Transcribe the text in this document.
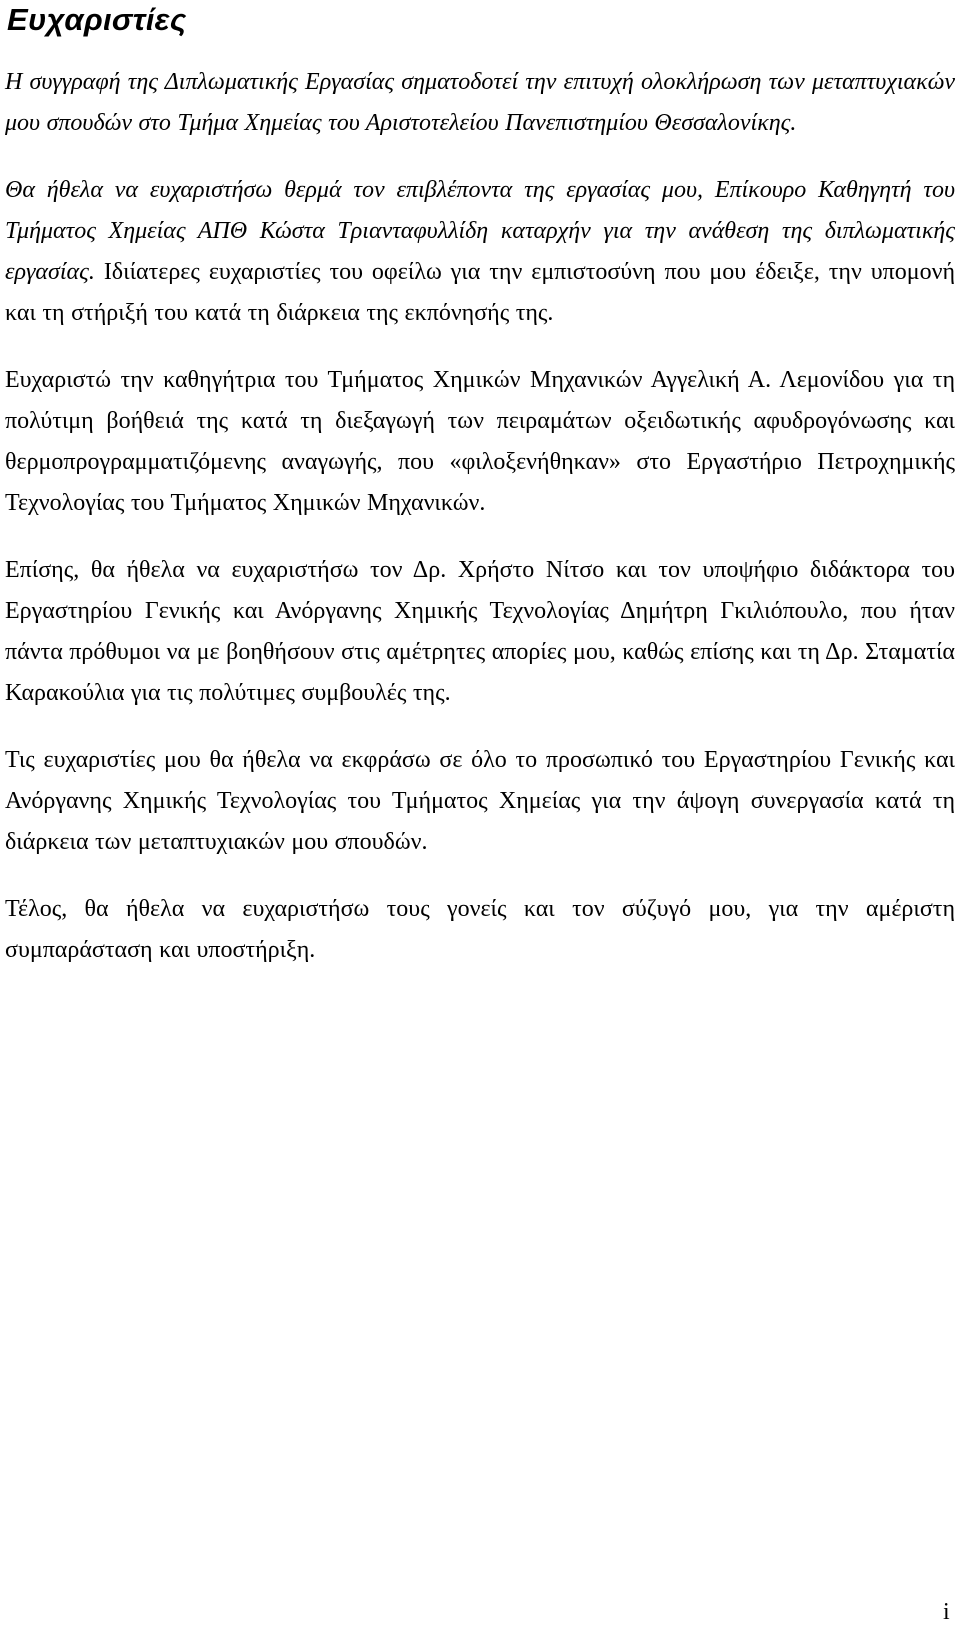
Ευχαριστίες

Η συγγραφή της Διπλωματικής Εργασίας σηματοδοτεί την επιτυχή ολοκλήρωση των μεταπτυχιακών μου σπουδών στο Τμήμα Χημείας του Αριστοτελείου Πανεπιστημίου Θεσσαλονίκης.

Θα ήθελα να ευχαριστήσω θερμά τον επιβλέποντα της εργασίας μου, Επίκουρο Καθηγητή του Τμήματος Χημείας ΑΠΘ Κώστα Τριανταφυλλίδη καταρχήν για την ανάθεση της διπλωματικής εργασίας. Ιδιίατερες ευχαριστίες του οφείλω για την εμπιστοσύνη που μου έδειξε, την υπομονή και τη στήριξή του κατά τη διάρκεια της εκπόνησής της.

Ευχαριστώ την καθηγήτρια του Τμήματος Χημικών Μηχανικών Αγγελική Α. Λεμονίδου για τη πολύτιμη βοήθειά της κατά τη διεξαγωγή των πειραμάτων οξειδωτικής αφυδρογόνωσης και θερμοπρογραμματιζόμενης αναγωγής, που «φιλοξενήθηκαν» στο Εργαστήριο Πετροχημικής Τεχνολογίας του Τμήματος Χημικών Μηχανικών.

Επίσης, θα ήθελα να ευχαριστήσω τον Δρ. Χρήστο Νίτσο και τον υποψήφιο διδάκτορα του Εργαστηρίου Γενικής και Ανόργανης Χημικής Τεχνολογίας Δημήτρη Γκιλιόπουλο, που ήταν πάντα πρόθυμοι να με βοηθήσουν στις αμέτρητες απορίες μου, καθώς επίσης και τη Δρ. Σταματία Καρακούλια για τις πολύτιμες συμβουλές της.

Τις ευχαριστίες μου θα ήθελα να εκφράσω σε όλο το προσωπικό του Εργαστηρίου Γενικής και Ανόργανης Χημικής Τεχνολογίας του Τμήματος Χημείας για την άψογη συνεργασία κατά τη διάρκεια των μεταπτυχιακών μου σπουδών.

Τέλος, θα ήθελα να ευχαριστήσω τους γονείς και τον σύζυγό μου, για την αμέριστη συμπαράσταση και υποστήριξη.

i
